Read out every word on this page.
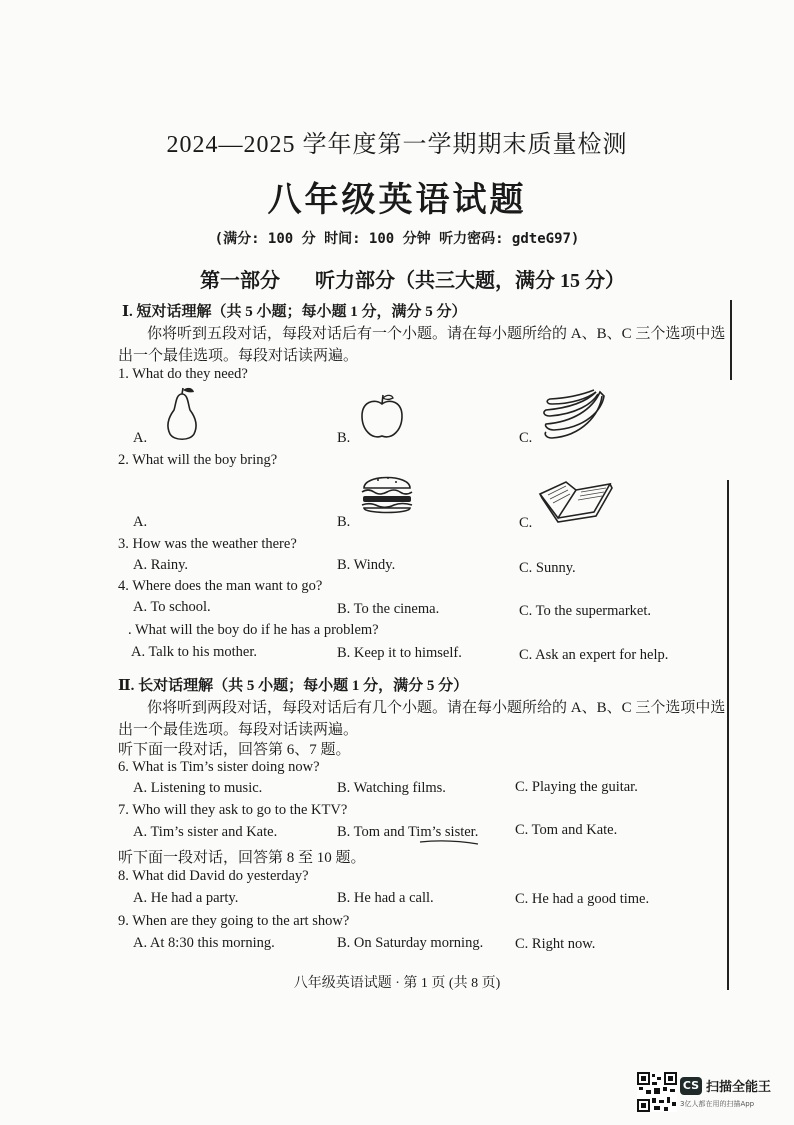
2024—2025 学年度第一学期期末质量检测
八年级英语试题
(满分: 100 分 时间: 100 分钟 听力密码: gdteG97)
第一部分 听力部分（共三大题，满分 15 分）
Ⅰ. 短对话理解（共 5 小题；每小题 1 分，满分 5 分）
你将听到五段对话，每段对话后有一个小题。请在每小题所给的 A、B、C 三个选项中选
出一个最佳选项。每段对话读两遍。
1. What do they need?
A.	B.	C.
2. What will the boy bring?
A.	B.	C.
3. How was the weather there?
A. Rainy.	B. Windy.	C. Sunny.
4. Where does the man want to go?
A. To school.	B. To the cinema.	C. To the supermarket.
. What will the boy do if he has a problem?
A. Talk to his mother.	B. Keep it to himself.	C. Ask an expert for help.
Ⅱ. 长对话理解（共 5 小题；每小题 1 分，满分 5 分）
你将听到两段对话，每段对话后有几个小题。请在每小题所给的 A、B、C 三个选项中选
出一个最佳选项。每段对话读两遍。
听下面一段对话，回答第 6、7 题。
6. What is Tim’s sister doing now?
A. Listening to music.	B. Watching films.	C. Playing the guitar.
7. Who will they ask to go to the KTV?
A. Tim’s sister and Kate.	B. Tom and Tim’s sister.	C. Tom and Kate.
听下面一段对话，回答第 8 至 10 题。
8. What did David do yesterday?
A. He had a party.	B. He had a call.	C. He had a good time.
9. When are they going to the art show?
A. At 8:30 this morning.	B. On Saturday morning. C. Right now.
八年级英语试题 · 第 1 页 (共 8 页)
CS 扫描全能王
3亿人都在用的扫描App
